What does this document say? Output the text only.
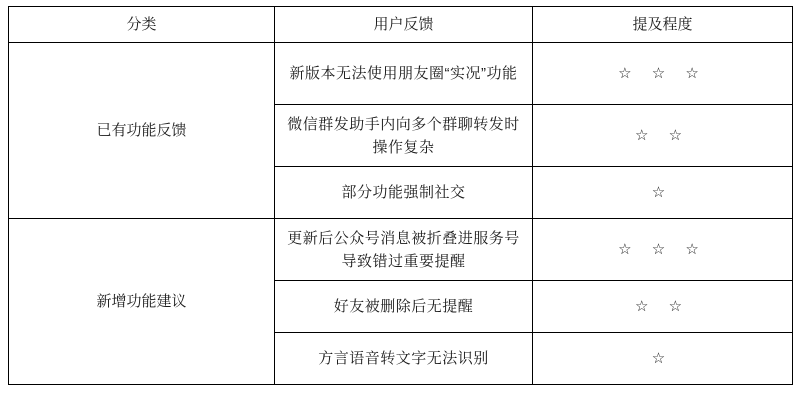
分类	用户反馈	提及程度
已有功能反馈	新版本无法使用朋友圈“实况”功能	☆ ☆ ☆
	微信群发助手内向多个群聊转发时操作复杂	☆ ☆
	部分功能强制社交	☆
新增功能建议	更新后公众号消息被折叠进服务号导致错过重要提醒	☆ ☆ ☆
	好友被删除后无提醒	☆ ☆
	方言语音转文字无法识别	☆
